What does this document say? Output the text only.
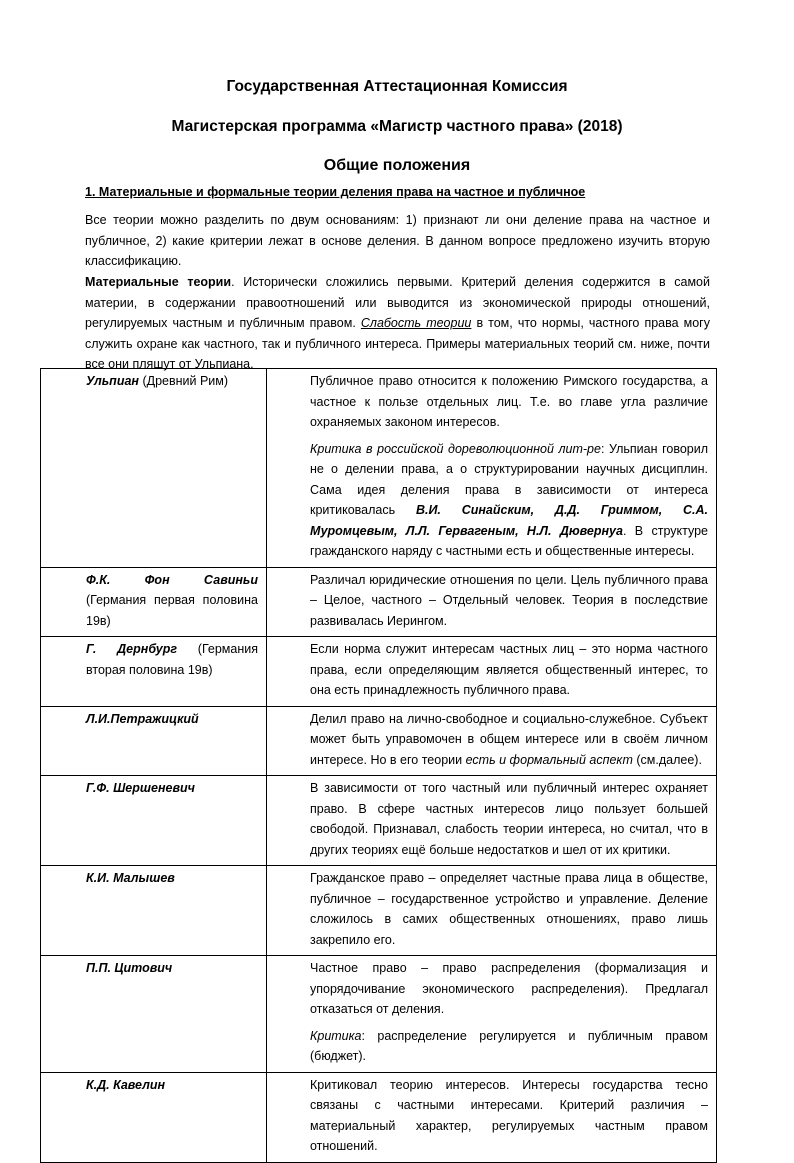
Государственная Аттестационная Комиссия
Магистерская программа «Магистр частного права» (2018)
Общие положения
1. Материальные и формальные теории деления права на частное и публичное

Все теории можно разделить по двум основаниям: 1) признают ли они деление права на частное и публичное, 2) какие критерии лежат в основе деления. В данном вопросе предложено изучить вторую классификацию.

Материальные теории. Исторически сложились первыми. Критерий деления содержится в самой материи, в содержании правоотношений или выводится из экономической природы отношений, регулируемых частным и публичным правом. Слабость теории в том, что нормы, частного права могу служить охране как частного, так и публичного интереса. Примеры материальных теорий см. ниже, почти все они пляшут от Ульпиана.

Ульпиан (Древний Рим)	Публичное право относится к положению Римского государства, а частное к пользе отдельных лиц. Т.е. во главе угла различие охраняемых законом интересов.

Критика в российской дореволюционной лит-ре: Ульпиан говорил не о делении права, а о структурировании научных дисциплин. Сама идея деления права в зависимости от интереса критиковалась В.И. Синайским, Д.Д. Гриммом, С.А. Муромцевым, Л.Л. Гервагеным, Н.Л. Дювернуа. В структуре гражданского наряду с частными есть и общественные интересы.

Ф.К. Фон Савиньи (Германия первая половина 19в)	Различал юридические отношения по цели. Цель публичного права – Целое, частного – Отдельный человек. Теория в последствие развивалась Иерингом.

Г. Дернбург (Германия вторая половина 19в)	Если норма служит интересам частных лиц – это норма частного права, если определяющим является общественный интерес, то она есть принадлежность публичного права.

Л.И.Петражицкий	Делил право на лично-свободное и социально-служебное. Субъект может быть управомочен в общем интересе или в своём личном интересе. Но в его теории есть и формальный аспект (см.далее).

Г.Ф. Шершеневич	В зависимости от того частный или публичный интерес охраняет право. В сфере частных интересов лицо пользует большей свободой. Признавал, слабость теории интереса, но считал, что в других теориях ещё больше недостатков и шел от их критики.

К.И. Малышев	Гражданское право – определяет частные права лица в обществе, публичное – государственное устройство и управление. Деление сложилось в самих общественных отношениях, право лишь закрепило его.

П.П. Цитович	Частное право – право распределения (формализация и упорядочивание экономического распределения). Предлагал отказаться от деления.

Критика: распределение регулируется и публичным правом (бюджет).

К.Д. Кавелин	Критиковал теорию интересов. Интересы государства тесно связаны с частными интересами. Критерий различия – материальный характер, регулируемых частным правом отношений.
